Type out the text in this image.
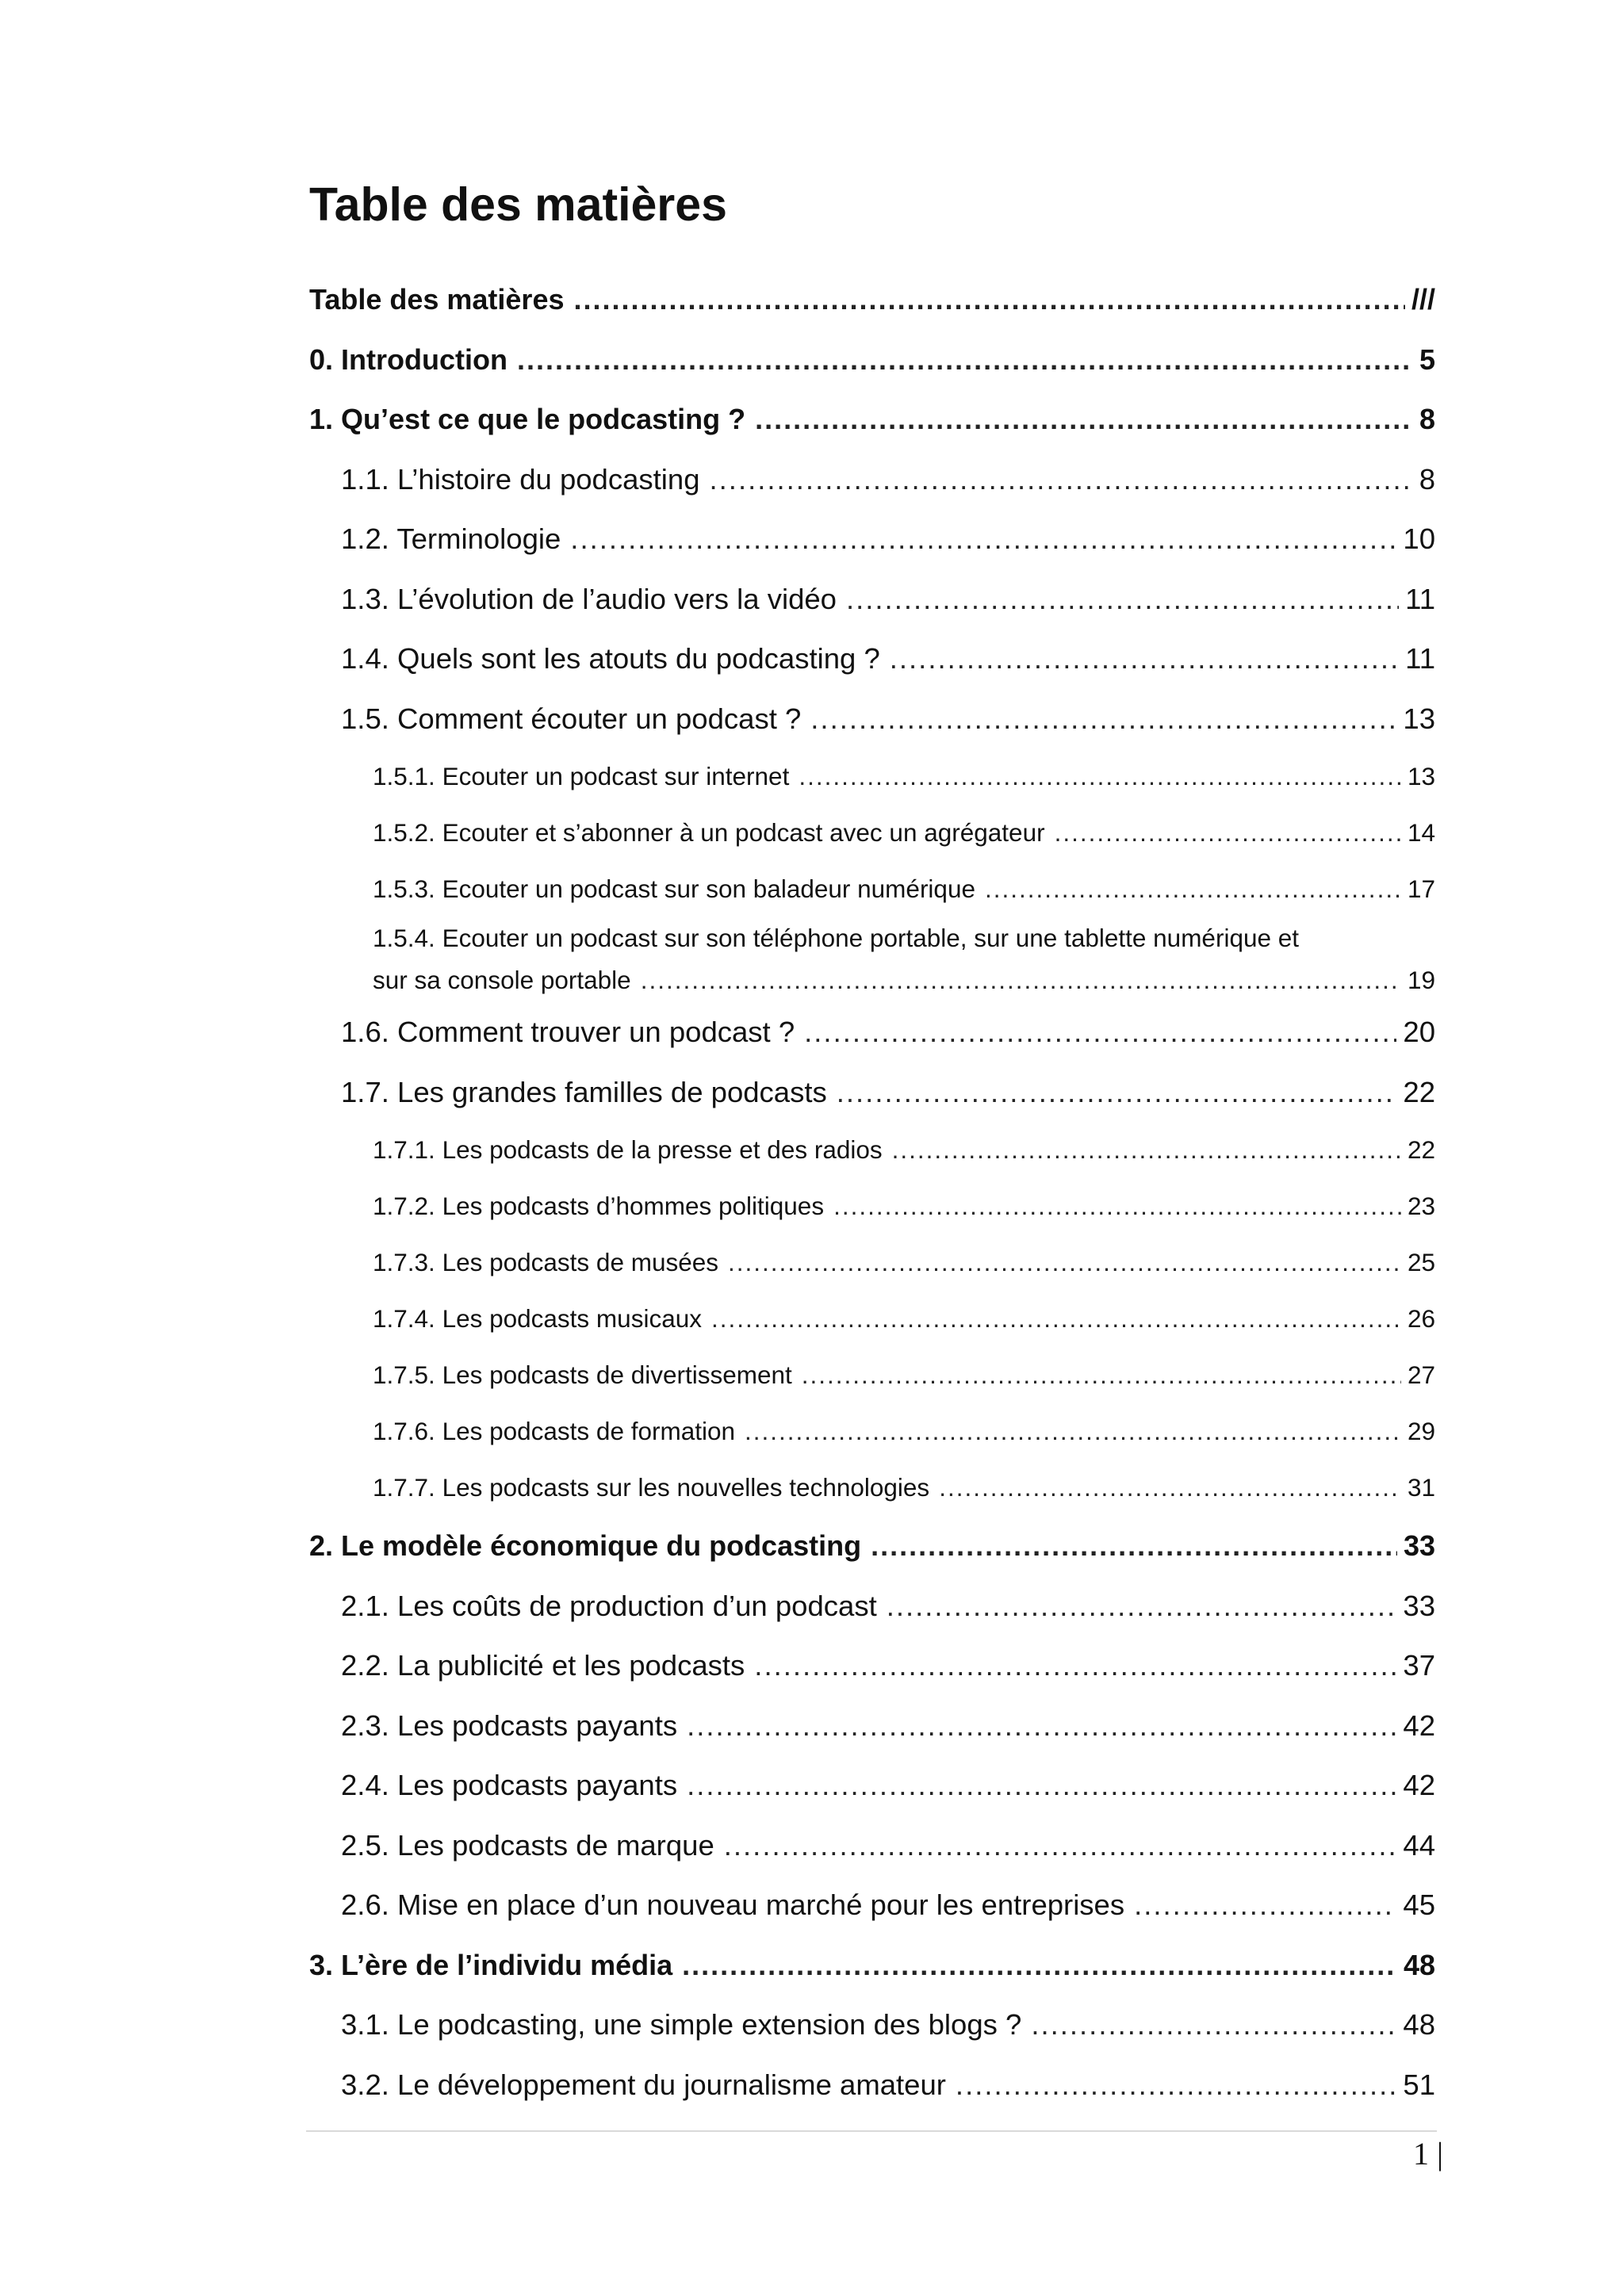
Table des matières
Table des matières .....	///
0. Introduction .....	5
1. Qu’est ce que le podcasting ? .....	8
1.1. L’histoire du podcasting .....	8
1.2. Terminologie .....	10
1.3. L’évolution de l’audio vers la vidéo .....	11
1.4. Quels sont les atouts du podcasting ? .....	11
1.5. Comment écouter un podcast ? .....	13
1.5.1. Ecouter un podcast sur internet .....	13
1.5.2. Ecouter et s’abonner à un podcast avec un agrégateur .....	14
1.5.3. Ecouter un podcast sur son baladeur numérique .....	17
1.5.4. Ecouter un podcast sur son téléphone portable, sur une tablette numérique et
sur sa console portable .....	19
1.6. Comment trouver un podcast ? .....	20
1.7. Les grandes familles de podcasts .....	22
1.7.1. Les podcasts de la presse et des radios .....	22
1.7.2. Les podcasts d’hommes politiques .....	23
1.7.3. Les podcasts de musées .....	25
1.7.4. Les podcasts musicaux .....	26
1.7.5. Les podcasts de divertissement .....	27
1.7.6. Les podcasts de formation .....	29
1.7.7. Les podcasts sur les nouvelles technologies .....	31
2. Le modèle économique du podcasting .....	33
2.1. Les coûts de production d’un podcast .....	33
2.2. La publicité et les podcasts .....	37
2.3. Les podcasts payants .....	42
2.4. Les podcasts payants .....	42
2.5. Les podcasts de marque .....	44
2.6. Mise en place d’un nouveau marché pour les entreprises .....	45
3. L’ère de l’individu média .....	48
3.1. Le podcasting, une simple extension des blogs ? .....	48
3.2. Le développement du journalisme amateur .....	51
1 |
